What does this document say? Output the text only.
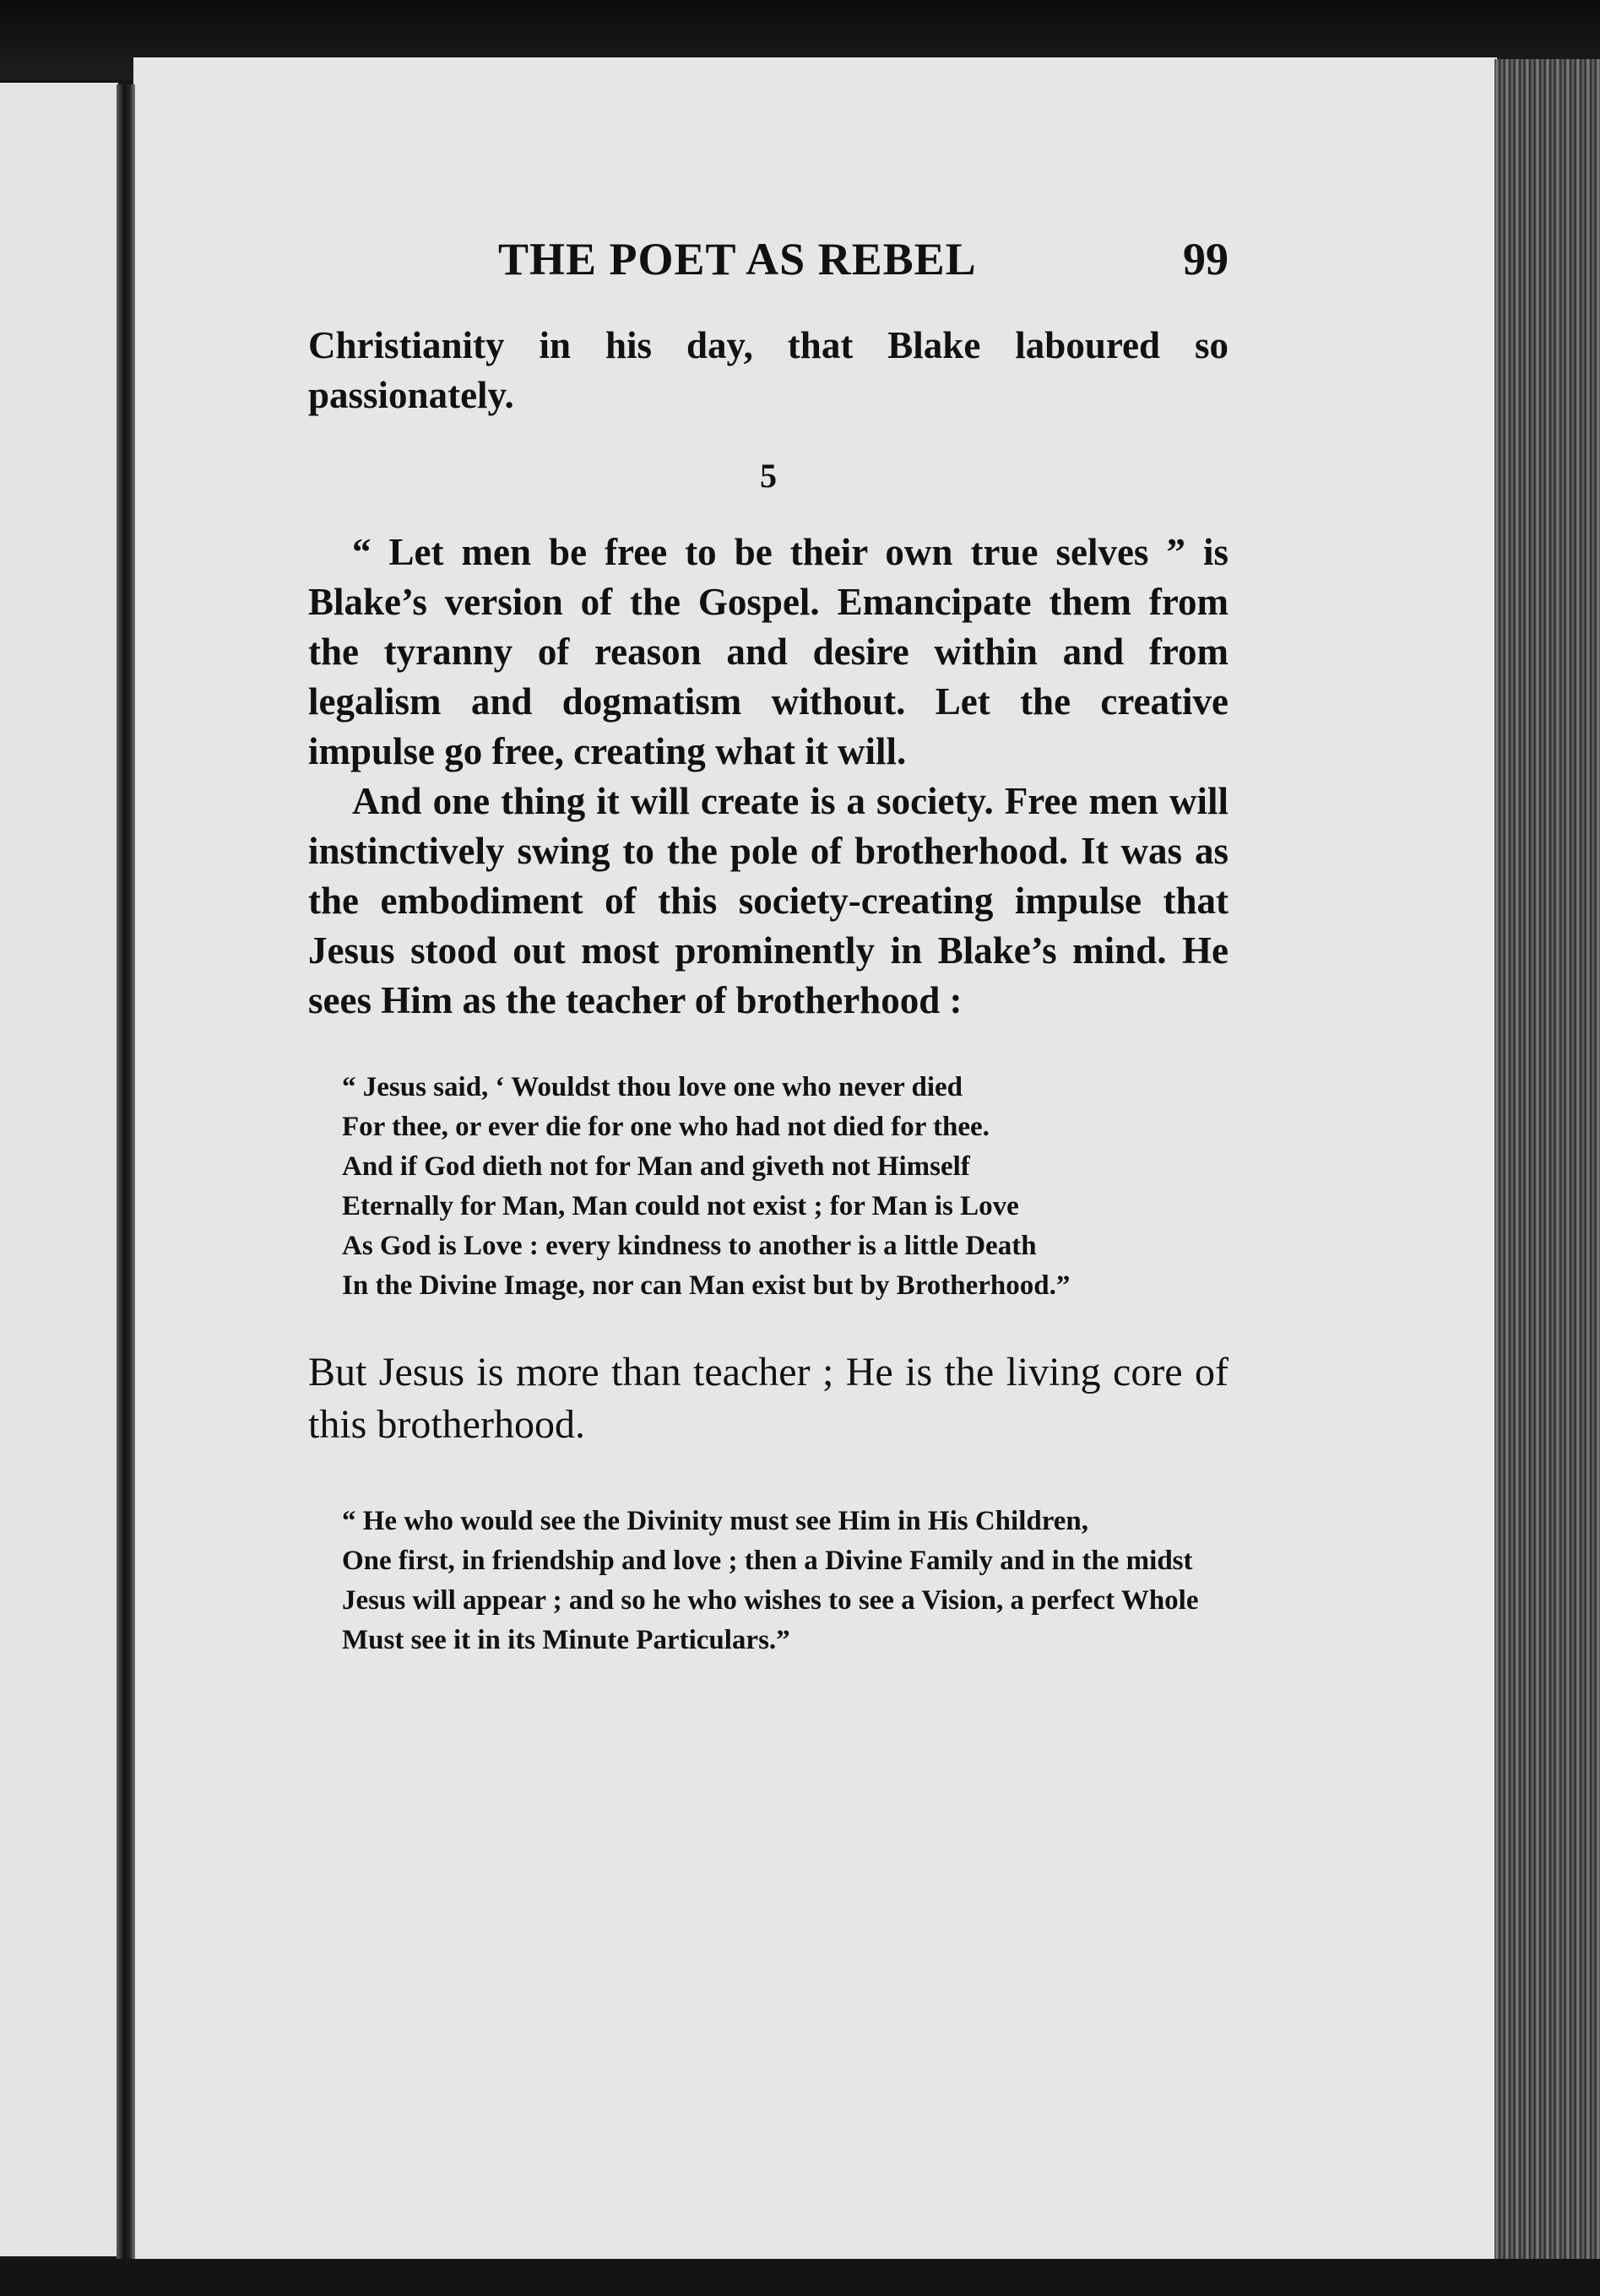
THE POET AS REBEL	99

Christianity in his day, that Blake laboured so passionately.

5

“ Let men be free to be their own true selves ” is Blake’s version of the Gospel. Emancipate them from the tyranny of reason and desire within and from legalism and dogmatism without. Let the creative impulse go free, creating what it will.

And one thing it will create is a society. Free men will instinctively swing to the pole of brotherhood. It was as the embodiment of this society-creating impulse that Jesus stood out most prominently in Blake’s mind. He sees Him as the teacher of brotherhood :

“ Jesus said, ‘ Wouldst thou love one who never died
For thee, or ever die for one who had not died for thee.
And if God dieth not for Man and giveth not Himself
Eternally for Man, Man could not exist ; for Man is Love
As God is Love : every kindness to another is a little Death
In the Divine Image, nor can Man exist but by Brotherhood.”

But Jesus is more than teacher ; He is the living core of this brotherhood.

“ He who would see the Divinity must see Him in His Children,
One first, in friendship and love ; then a Divine Family and in the midst
Jesus will appear ; and so he who wishes to see a Vision, a perfect Whole
Must see it in its Minute Particulars.”
